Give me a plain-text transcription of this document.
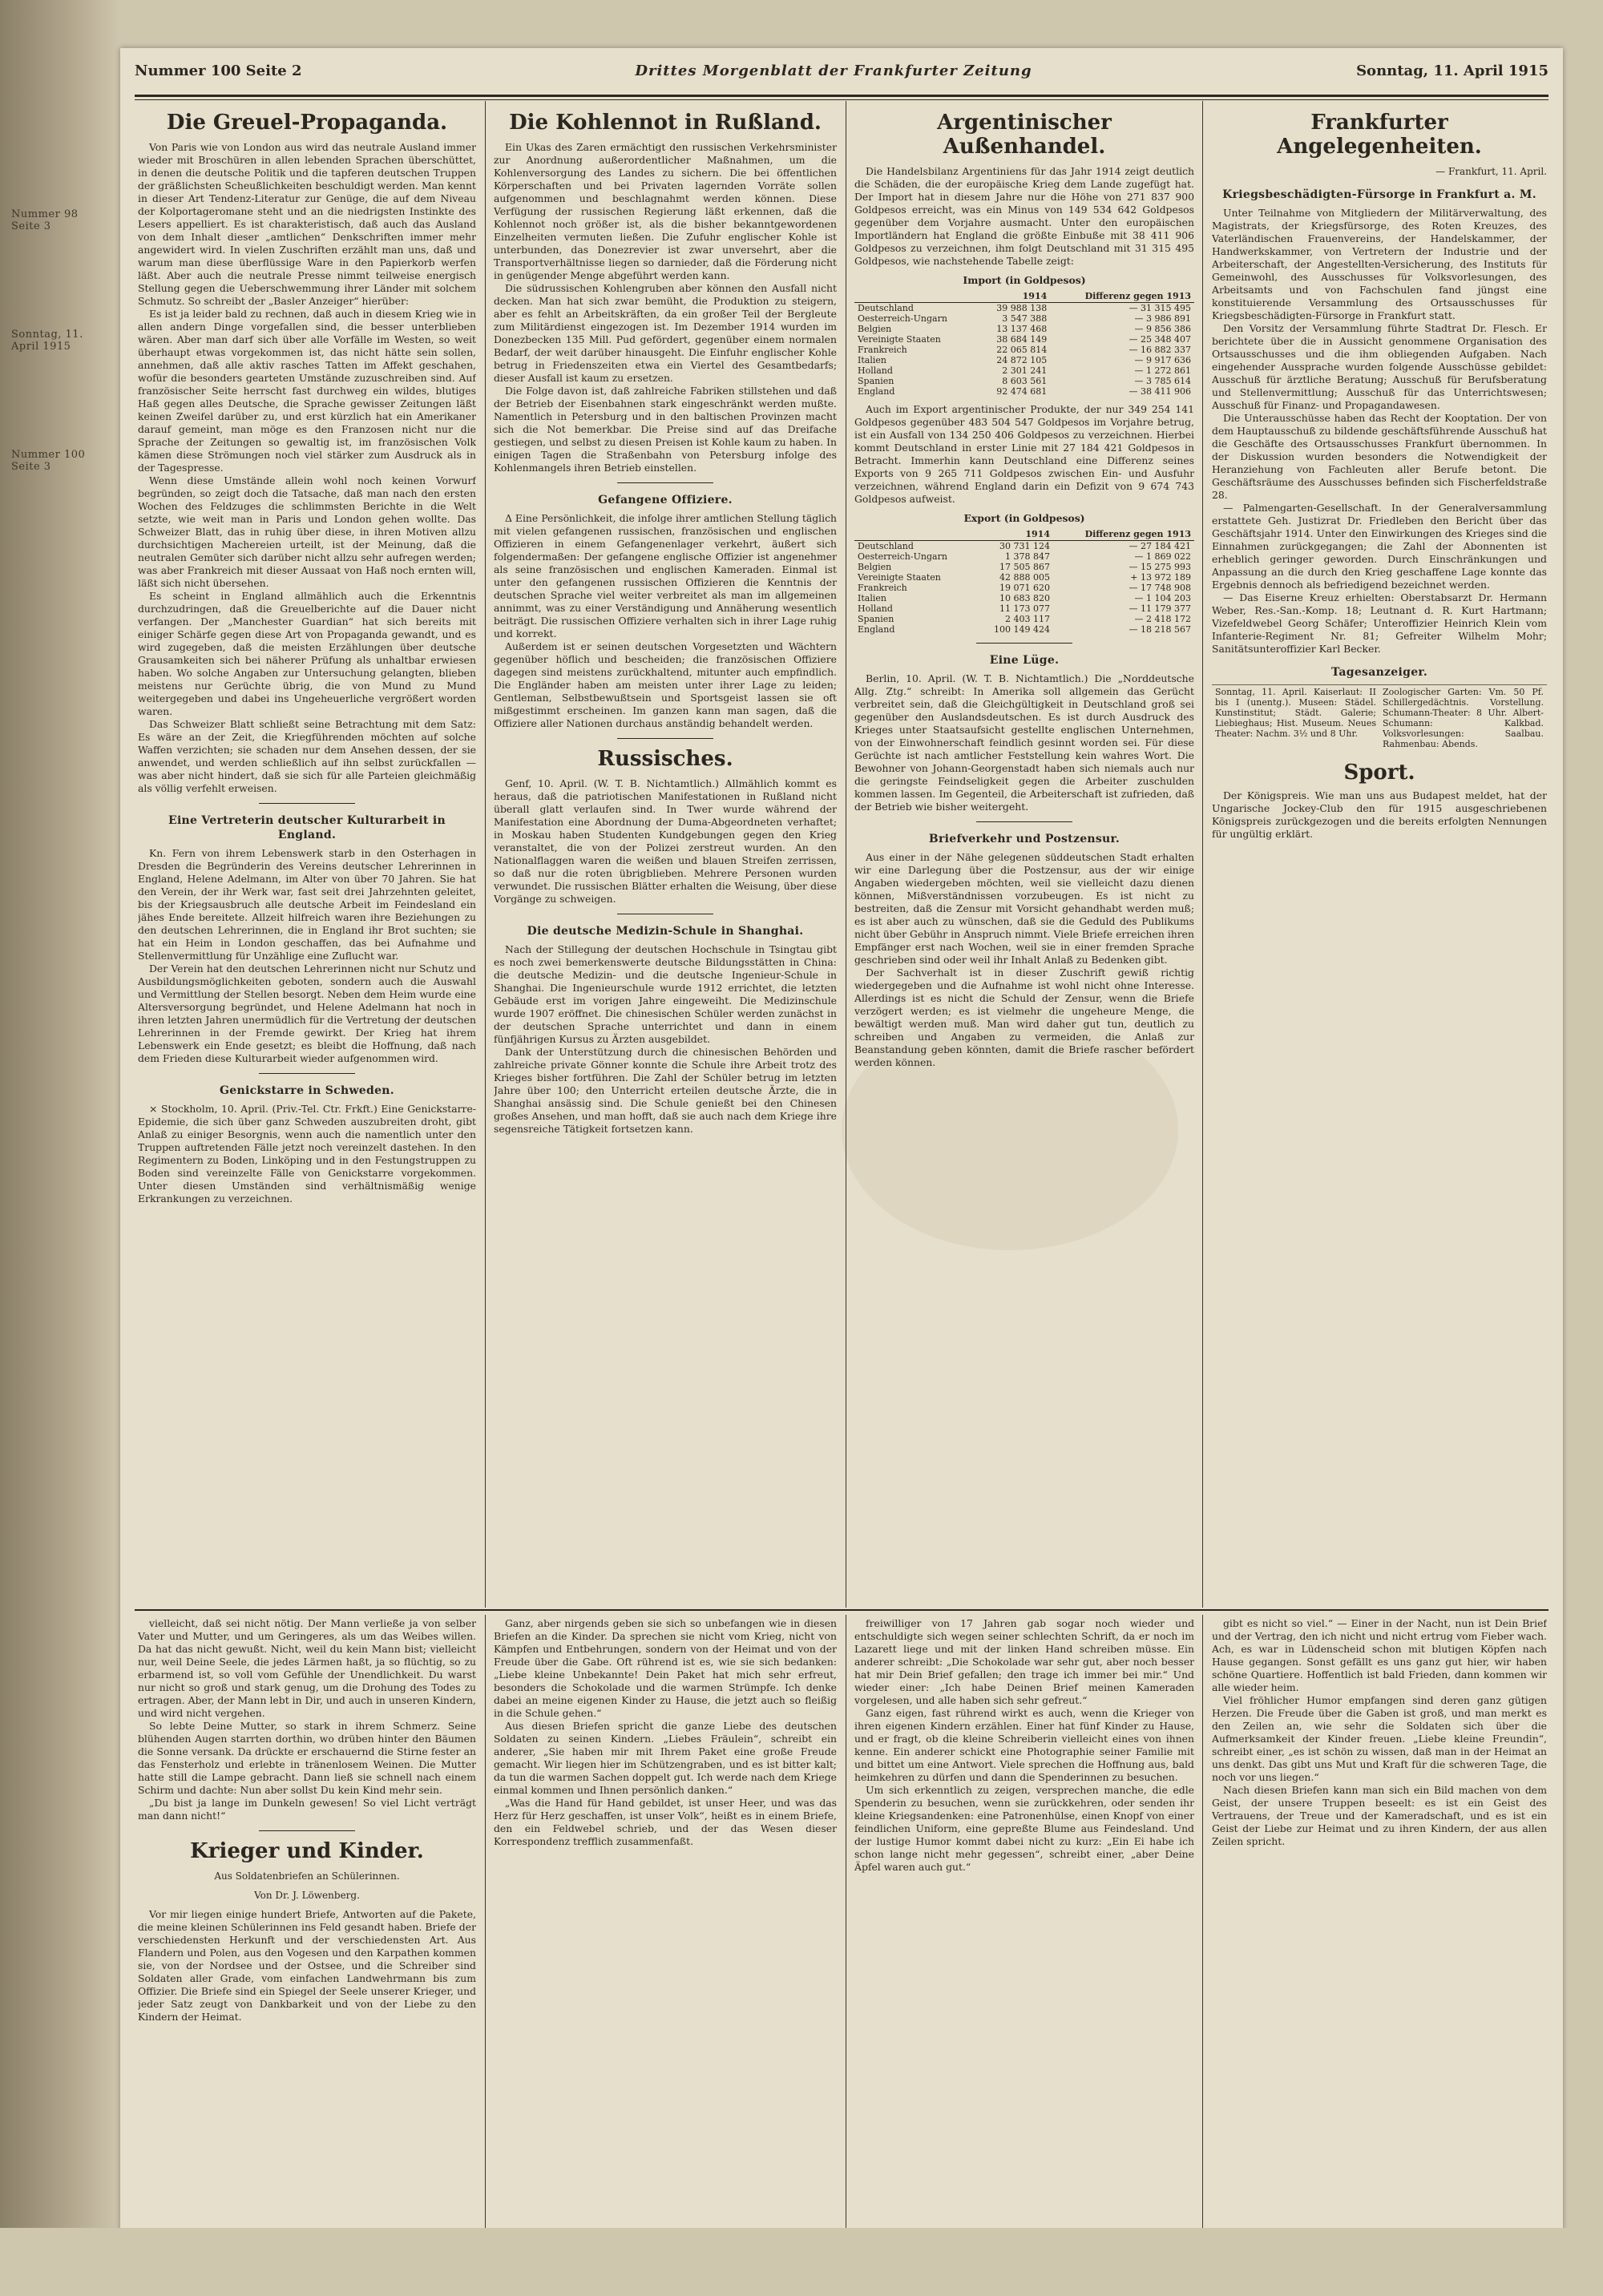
Nummer 98 Seite 3
Sonntag, 11. April 1915
Nummer 100 Seite 3
Nummer 100 Seite 2	Drittes Morgenblatt der Frankfurter Zeitung	Sonntag, 11. April 1915
Die Greuel-Propaganda.

Von Paris wie von London aus wird das neutrale Ausland immer wieder mit Broschüren in allen lebenden Sprachen überschüttet, in denen die deutsche Politik und die tapferen deutschen Truppen der gräßlichsten Scheußlichkeiten beschuldigt werden. Man kennt in dieser Art Tendenz-Literatur zur Genüge, die auf dem Niveau der Kolportageromane steht und an die niedrigsten Instinkte des Lesers appelliert. Es ist charakteristisch, daß auch das Ausland von dem Inhalt dieser „amtlichen“ Denkschriften immer mehr angewidert wird. In vielen Zuschriften erzählt man uns, daß und warum man diese überflüssige Ware in den Papierkorb werfen läßt. Aber auch die neutrale Presse nimmt teilweise energisch Stellung gegen die Ueberschwemmung ihrer Länder mit solchem Schmutz. So schreibt der „Basler Anzeiger“ hierüber:

Es ist ja leider bald zu rechnen, daß auch in diesem Krieg wie in allen andern Dinge vorgefallen sind, die besser unterblieben wären. Aber man darf sich über alle Vorfälle im Westen, so weit überhaupt etwas vorgekommen ist, das nicht hätte sein sollen, annehmen, daß alle aktiv rasches Tatten im Affekt geschahen, wofür die besonders gearteten Umstände zuzuschreiben sind. Auf französischer Seite herrscht fast durchweg ein wildes, blutiges Haß gegen alles Deutsche, die Sprache gewisser Zeitungen läßt keinen Zweifel darüber zu, und erst kürzlich hat ein Amerikaner darauf gemeint, man möge es den Franzosen nicht nur die Sprache der Zeitungen so gewaltig ist, im französischen Volk kämen diese Strömungen noch viel stärker zum Ausdruck als in der Tagespresse.

Wenn diese Umstände allein wohl noch keinen Vorwurf begründen, so zeigt doch die Tatsache, daß man nach den ersten Wochen des Feldzuges die schlimmsten Berichte in die Welt setzte, wie weit man in Paris und London gehen wollte. Das Schweizer Blatt, das in ruhig über diese, in ihren Motiven allzu durchsichtigen Machereien urteilt, ist der Meinung, daß die neutralen Gemüter sich darüber nicht allzu sehr aufregen werden; was aber Frankreich mit dieser Aussaat von Haß noch ernten will, läßt sich nicht übersehen.

Es scheint in England allmählich auch die Erkenntnis durchzudringen, daß die Greuelberichte auf die Dauer nicht verfangen. Der „Manchester Guardian“ hat sich bereits mit einiger Schärfe gegen diese Art von Propaganda gewandt, und es wird zugegeben, daß die meisten Erzählungen über deutsche Grausamkeiten sich bei näherer Prüfung als unhaltbar erwiesen haben. Wo solche Angaben zur Untersuchung gelangten, blieben meistens nur Gerüchte übrig, die von Mund zu Mund weitergegeben und dabei ins Ungeheuerliche vergrößert worden waren.

Das Schweizer Blatt schließt seine Betrachtung mit dem Satz: Es wäre an der Zeit, die Kriegführenden möchten auf solche Waffen verzichten; sie schaden nur dem Ansehen dessen, der sie anwendet, und werden schließlich auf ihn selbst zurückfallen — was aber nicht hindert, daß sie sich für alle Parteien gleichmäßig als völlig verfehlt erweisen.

Eine Vertreterin deutscher Kulturarbeit in England.

Kn. Fern von ihrem Lebenswerk starb in den Osterhagen in Dresden die Begründerin des Vereins deutscher Lehrerinnen in England, Helene Adelmann, im Alter von über 70 Jahren. Sie hat den Verein, der ihr Werk war, fast seit drei Jahrzehnten geleitet, bis der Kriegsausbruch alle deutsche Arbeit im Feindesland ein jähes Ende bereitete. Allzeit hilfreich waren ihre Beziehungen zu den deutschen Lehrerinnen, die in England ihr Brot suchten; sie hat ein Heim in London geschaffen, das bei Aufnahme und Stellenvermittlung für Unzählige eine Zuflucht war.

Der Verein hat den deutschen Lehrerinnen nicht nur Schutz und Ausbildungsmöglichkeiten geboten, sondern auch die Auswahl und Vermittlung der Stellen besorgt. Neben dem Heim wurde eine Altersversorgung begründet, und Helene Adelmann hat noch in ihren letzten Jahren unermüdlich für die Vertretung der deutschen Lehrerinnen in der Fremde gewirkt. Der Krieg hat ihrem Lebenswerk ein Ende gesetzt; es bleibt die Hoffnung, daß nach dem Frieden diese Kulturarbeit wieder aufgenommen wird.

Genickstarre in Schweden.

× Stockholm, 10. April. (Priv.-Tel. Ctr. Frkft.) Eine Genickstarre-Epidemie, die sich über ganz Schweden auszubreiten droht, gibt Anlaß zu einiger Besorgnis, wenn auch die namentlich unter den Truppen auftretenden Fälle jetzt noch vereinzelt dastehen. In den Regimentern zu Boden, Linköping und in den Festungstruppen zu Boden sind vereinzelte Fälle von Genickstarre vorgekommen. Unter diesen Umständen sind verhältnismäßig wenige Erkrankungen zu verzeichnen.

Die Kohlennot in Rußland.

Ein Ukas des Zaren ermächtigt den russischen Verkehrsminister zur Anordnung außerordentlicher Maßnahmen, um die Kohlenversorgung des Landes zu sichern. Die bei öffentlichen Körperschaften und bei Privaten lagernden Vorräte sollen aufgenommen und beschlagnahmt werden können. Diese Verfügung der russischen Regierung läßt erkennen, daß die Kohlennot noch größer ist, als die bisher bekanntgewordenen Einzelheiten vermuten ließen. Die Zufuhr englischer Kohle ist unterbunden, das Donezrevier ist zwar unversehrt, aber die Transportverhältnisse liegen so darnieder, daß die Förderung nicht in genügender Menge abgeführt werden kann.

Die südrussischen Kohlengruben aber können den Ausfall nicht decken. Man hat sich zwar bemüht, die Produktion zu steigern, aber es fehlt an Arbeitskräften, da ein großer Teil der Bergleute zum Militärdienst eingezogen ist. Im Dezember 1914 wurden im Donezbecken 135 Mill. Pud gefördert, gegenüber einem normalen Bedarf, der weit darüber hinausgeht. Die Einfuhr englischer Kohle betrug in Friedenszeiten etwa ein Viertel des Gesamtbedarfs; dieser Ausfall ist kaum zu ersetzen.

Die Folge davon ist, daß zahlreiche Fabriken stillstehen und daß der Betrieb der Eisenbahnen stark eingeschränkt werden mußte. Namentlich in Petersburg und in den baltischen Provinzen macht sich die Not bemerkbar. Die Preise sind auf das Dreifache gestiegen, und selbst zu diesen Preisen ist Kohle kaum zu haben. In einigen Tagen die Straßenbahn von Petersburg infolge des Kohlenmangels ihren Betrieb einstellen.

Gefangene Offiziere.

Δ Eine Persönlichkeit, die infolge ihrer amtlichen Stellung täglich mit vielen gefangenen russischen, französischen und englischen Offizieren in einem Gefangenenlager verkehrt, äußert sich folgendermaßen: Der gefangene englische Offizier ist angenehmer als seine französischen und englischen Kameraden. Einmal ist unter den gefangenen russischen Offizieren die Kenntnis der deutschen Sprache viel weiter verbreitet als man im allgemeinen annimmt, was zu einer Verständigung und Annäherung wesentlich beiträgt. Die russischen Offiziere verhalten sich in ihrer Lage ruhig und korrekt.

Außerdem ist er seinen deutschen Vorgesetzten und Wächtern gegenüber höflich und bescheiden; die französischen Offiziere dagegen sind meistens zurückhaltend, mitunter auch empfindlich. Die Engländer haben am meisten unter ihrer Lage zu leiden; Gentleman, Selbstbewußtsein und Sportsgeist lassen sie oft mißgestimmt erscheinen. Im ganzen kann man sagen, daß die Offiziere aller Nationen durchaus anständig behandelt werden.

Russisches.

Genf, 10. April. (W. T. B. Nichtamtlich.) Allmählich kommt es heraus, daß die patriotischen Manifestationen in Rußland nicht überall glatt verlaufen sind. In Twer wurde während der Manifestation eine Abordnung der Duma-Abgeordneten verhaftet; in Moskau haben Studenten Kundgebungen gegen den Krieg veranstaltet, die von der Polizei zerstreut wurden. An den Nationalflaggen waren die weißen und blauen Streifen zerrissen, so daß nur die roten übrigblieben. Mehrere Personen wurden verwundet. Die russischen Blätter erhalten die Weisung, über diese Vorgänge zu schweigen.

Die deutsche Medizin-Schule in Shanghai.

Nach der Stillegung der deutschen Hochschule in Tsingtau gibt es noch zwei bemerkenswerte deutsche Bildungsstätten in China: die deutsche Medizin- und die deutsche Ingenieur-Schule in Shanghai. Die Ingenieurschule wurde 1912 errichtet, die letzten Gebäude erst im vorigen Jahre eingeweiht. Die Medizinschule wurde 1907 eröffnet. Die chinesischen Schüler werden zunächst in der deutschen Sprache unterrichtet und dann in einem fünfjährigen Kursus zu Ärzten ausgebildet.

Dank der Unterstützung durch die chinesischen Behörden und zahlreiche private Gönner konnte die Schule ihre Arbeit trotz des Krieges bisher fortführen. Die Zahl der Schüler betrug im letzten Jahre über 100; den Unterricht erteilen deutsche Ärzte, die in Shanghai ansässig sind. Die Schule genießt bei den Chinesen großes Ansehen, und man hofft, daß sie auch nach dem Kriege ihre segensreiche Tätigkeit fortsetzen kann.

Argentinischer Außenhandel.

Die Handelsbilanz Argentiniens für das Jahr 1914 zeigt deutlich die Schäden, die der europäische Krieg dem Lande zugefügt hat. Der Import hat in diesem Jahre nur die Höhe von 271 837 900 Goldpesos erreicht, was ein Minus von 149 534 642 Goldpesos gegenüber dem Vorjahre ausmacht. Unter den europäischen Importländern hat England die größte Einbuße mit 38 411 906 Goldpesos zu verzeichnen, ihm folgt Deutschland mit 31 315 495 Goldpesos, wie nachstehende Tabelle zeigt:

Import (in Goldpesos)
	1914	Differenz gegen 1913
Deutschland	39 988 138	— 31 315 495
Oesterreich-Ungarn	3 547 388	— 3 986 891
Belgien	13 137 468	— 9 856 386
Vereinigte Staaten	38 684 149	— 25 348 407
Frankreich	22 065 814	— 16 882 337
Italien	24 872 105	— 9 917 636
Holland	2 301 241	— 1 272 861
Spanien	8 603 561	— 3 785 614
England	92 474 681	— 38 411 906

Auch im Export argentinischer Produkte, der nur 349 254 141 Goldpesos gegenüber 483 504 547 Goldpesos im Vorjahre betrug, ist ein Ausfall von 134 250 406 Goldpesos zu verzeichnen. Hierbei kommt Deutschland in erster Linie mit 27 184 421 Goldpesos in Betracht. Immerhin kann Deutschland eine Differenz seines Exports von 9 265 711 Goldpesos zwischen Ein- und Ausfuhr verzeichnen, während England darin ein Defizit von 9 674 743 Goldpesos aufweist.

Export (in Goldpesos)
	1914	Differenz gegen 1913
Deutschland	30 731 124	— 27 184 421
Oesterreich-Ungarn	1 378 847	— 1 869 022
Belgien	17 505 867	— 15 275 993
Vereinigte Staaten	42 888 005	+ 13 972 189
Frankreich	19 071 620	— 17 748 908
Italien	10 683 820	— 1 104 203
Holland	11 173 077	— 11 179 377
Spanien	2 403 117	— 2 418 172
England	100 149 424	— 18 218 567
Eine Lüge.

Berlin, 10. April. (W. T. B. Nichtamtlich.) Die „Norddeutsche Allg. Ztg.“ schreibt: In Amerika soll allgemein das Gerücht verbreitet sein, daß die Gleichgültigkeit in Deutschland groß sei gegenüber den Auslandsdeutschen. Es ist durch Ausdruck des Krieges unter Staatsaufsicht gestellte englischen Unternehmen, von der Einwohnerschaft feindlich gesinnt worden sei. Für diese Gerüchte ist nach amtlicher Feststellung kein wahres Wort. Die Bewohner von Johann-Georgenstadt haben sich niemals auch nur die geringste Feindseligkeit gegen die Arbeiter zuschulden kommen lassen. Im Gegenteil, die Arbeiterschaft ist zufrieden, daß der Betrieb wie bisher weitergeht.

Briefverkehr und Postzensur.

Aus einer in der Nähe gelegenen süddeutschen Stadt erhalten wir eine Darlegung über die Postzensur, aus der wir einige Angaben wiedergeben möchten, weil sie vielleicht dazu dienen können, Mißverständnissen vorzubeugen. Es ist nicht zu bestreiten, daß die Zensur mit Vorsicht gehandhabt werden muß; es ist aber auch zu wünschen, daß sie die Geduld des Publikums nicht über Gebühr in Anspruch nimmt. Viele Briefe erreichen ihren Empfänger erst nach Wochen, weil sie in einer fremden Sprache geschrieben sind oder weil ihr Inhalt Anlaß zu Bedenken gibt.

Der Sachverhalt ist in dieser Zuschrift gewiß richtig wiedergegeben und die Aufnahme ist wohl nicht ohne Interesse. Allerdings ist es nicht die Schuld der Zensur, wenn die Briefe verzögert werden; es ist vielmehr die ungeheure Menge, die bewältigt werden muß. Man wird daher gut tun, deutlich zu schreiben und Angaben zu vermeiden, die Anlaß zur Beanstandung geben könnten, damit die Briefe rascher befördert werden können.

Frankfurter Angelegenheiten.
— Frankfurt, 11. April.
Kriegsbeschädigten-Fürsorge in Frankfurt a. M.

Unter Teilnahme von Mitgliedern der Militärverwaltung, des Magistrats, der Kriegsfürsorge, des Roten Kreuzes, des Vaterländischen Frauenvereins, der Handelskammer, der Handwerkskammer, von Vertretern der Industrie und der Arbeiterschaft, der Angestellten-Versicherung, des Instituts für Gemeinwohl, des Ausschusses für Volksvorlesungen, des Arbeitsamts und von Fachschulen fand jüngst eine konstituierende Versammlung des Ortsausschusses für Kriegsbeschädigten-Fürsorge in Frankfurt statt.

Den Vorsitz der Versammlung führte Stadtrat Dr. Flesch. Er berichtete über die in Aussicht genommene Organisation des Ortsausschusses und die ihm obliegenden Aufgaben. Nach eingehender Aussprache wurden folgende Ausschüsse gebildet: Ausschuß für ärztliche Beratung; Ausschuß für Berufsberatung und Stellenvermittlung; Ausschuß für das Unterrichtswesen; Ausschuß für Finanz- und Propagandawesen.

Die Unterausschüsse haben das Recht der Kooptation. Der von dem Hauptausschuß zu bildende geschäftsführende Ausschuß hat die Geschäfte des Ortsausschusses Frankfurt übernommen. In der Diskussion wurden besonders die Notwendigkeit der Heranziehung von Fachleuten aller Berufe betont. Die Geschäftsräume des Ausschusses befinden sich Fischerfeldstraße 28.

— Palmengarten-Gesellschaft. In der Generalversammlung erstattete Geh. Justizrat Dr. Friedleben den Bericht über das Geschäftsjahr 1914. Unter den Einwirkungen des Krieges sind die Einnahmen zurückgegangen; die Zahl der Abonnenten ist erheblich geringer geworden. Durch Einschränkungen und Anpassung an die durch den Krieg geschaffene Lage konnte das Ergebnis dennoch als befriedigend bezeichnet werden.

— Das Eiserne Kreuz erhielten: Oberstabsarzt Dr. Hermann Weber, Res.-San.-Komp. 18; Leutnant d. R. Kurt Hartmann; Vizefeldwebel Georg Schäfer; Unteroffizier Heinrich Klein vom Infanterie-Regiment Nr. 81; Gefreiter Wilhelm Mohr; Sanitätsunteroffizier Karl Becker.

Tagesanzeiger.
Sonntag, 11. April. Kaiserlaut: II bis I (unentg.). Museen: Städel. Kunstinstitut; Städt. Galerie; Liebieghaus; Hist. Museum. Neues Theater: Nachm. 3½ und 8 Uhr.	Zoologischer Garten: Vm. 50 Pf. Schillergedächtnis. Vorstellung. Schumann-Theater: 8 Uhr. Albert-Schumann: Kalkbad. Volksvorlesungen: Saalbau. Rahmenbau: Abends.
Sport.

Der Königspreis. Wie man uns aus Budapest meldet, hat der Ungarische Jockey-Club den für 1915 ausgeschriebenen Königspreis zurückgezogen und die bereits erfolgten Nennungen für ungültig erklärt.

vielleicht, daß sei nicht nötig. Der Mann verließe ja von selber Vater und Mutter, und um Geringeres, als um das Weibes willen. Da hat das nicht gewußt. Nicht, weil du kein Mann bist; vielleicht nur, weil Deine Seele, die jedes Lärmen haßt, ja so flüchtig, so zu erbarmend ist, so voll vom Gefühle der Unendlichkeit. Du warst nur nicht so groß und stark genug, um die Drohung des Todes zu ertragen. Aber, der Mann lebt in Dir, und auch in unseren Kindern, und wird nicht vergehen.

So lebte Deine Mutter, so stark in ihrem Schmerz. Seine blühenden Augen starrten dorthin, wo drüben hinter den Bäumen die Sonne versank. Da drückte er erschauernd die Stirne fester an das Fensterholz und erlebte in tränenlosem Weinen. Die Mutter hatte still die Lampe gebracht. Dann ließ sie schnell nach einem Schirm und dachte: Nun aber sollst Du kein Kind mehr sein.

„Du bist ja lange im Dunkeln gewesen! So viel Licht verträgt man dann nicht!“

Krieger und Kinder.
Aus Soldatenbriefen an Schülerinnen.
Von Dr. J. Löwenberg.

Vor mir liegen einige hundert Briefe, Antworten auf die Pakete, die meine kleinen Schülerinnen ins Feld gesandt haben. Briefe der verschiedensten Herkunft und der verschiedensten Art. Aus Flandern und Polen, aus den Vogesen und den Karpathen kommen sie, von der Nordsee und der Ostsee, und die Schreiber sind Soldaten aller Grade, vom einfachen Landwehrmann bis zum Offizier. Die Briefe sind ein Spiegel der Seele unserer Krieger, und jeder Satz zeugt von Dankbarkeit und von der Liebe zu den Kindern der Heimat.

Ganz, aber nirgends geben sie sich so unbefangen wie in diesen Briefen an die Kinder. Da sprechen sie nicht vom Krieg, nicht von Kämpfen und Entbehrungen, sondern von der Heimat und von der Freude über die Gabe. Oft rührend ist es, wie sie sich bedanken: „Liebe kleine Unbekannte! Dein Paket hat mich sehr erfreut, besonders die Schokolade und die warmen Strümpfe. Ich denke dabei an meine eigenen Kinder zu Hause, die jetzt auch so fleißig in die Schule gehen.“

Aus diesen Briefen spricht die ganze Liebe des deutschen Soldaten zu seinen Kindern. „Liebes Fräulein“, schreibt ein anderer, „Sie haben mir mit Ihrem Paket eine große Freude gemacht. Wir liegen hier im Schützengraben, und es ist bitter kalt; da tun die warmen Sachen doppelt gut. Ich werde nach dem Kriege einmal kommen und Ihnen persönlich danken.“

„Was die Hand für Hand gebildet, ist unser Heer, und was das Herz für Herz geschaffen, ist unser Volk“, heißt es in einem Briefe, den ein Feldwebel schrieb, und der das Wesen dieser Korrespondenz trefflich zusammenfaßt.

freiwilliger von 17 Jahren gab sogar noch wieder und entschuldigte sich wegen seiner schlechten Schrift, da er noch im Lazarett liege und mit der linken Hand schreiben müsse. Ein anderer schreibt: „Die Schokolade war sehr gut, aber noch besser hat mir Dein Brief gefallen; den trage ich immer bei mir.“ Und wieder einer: „Ich habe Deinen Brief meinen Kameraden vorgelesen, und alle haben sich sehr gefreut.“

Ganz eigen, fast rührend wirkt es auch, wenn die Krieger von ihren eigenen Kindern erzählen. Einer hat fünf Kinder zu Hause, und er fragt, ob die kleine Schreiberin vielleicht eines von ihnen kenne. Ein anderer schickt eine Photographie seiner Familie mit und bittet um eine Antwort. Viele sprechen die Hoffnung aus, bald heimkehren zu dürfen und dann die Spenderinnen zu besuchen.

Um sich erkenntlich zu zeigen, versprechen manche, die edle Spenderin zu besuchen, wenn sie zurückkehren, oder senden ihr kleine Kriegsandenken: eine Patronenhülse, einen Knopf von einer feindlichen Uniform, eine gepreßte Blume aus Feindesland. Und der lustige Humor kommt dabei nicht zu kurz: „Ein Ei habe ich schon lange nicht mehr gegessen“, schreibt einer, „aber Deine Äpfel waren auch gut.“

gibt es nicht so viel.“ — Einer in der Nacht, nun ist Dein Brief und der Vertrag, den ich nicht und nicht ertrug vom Fieber wach. Ach, es war in Lüdenscheid schon mit blutigen Köpfen nach Hause gegangen. Sonst gefällt es uns ganz gut hier, wir haben schöne Quartiere. Hoffentlich ist bald Frieden, dann kommen wir alle wieder heim.

Viel fröhlicher Humor empfangen sind deren ganz gütigen Herzen. Die Freude über die Gaben ist groß, und man merkt es den Zeilen an, wie sehr die Soldaten sich über die Aufmerksamkeit der Kinder freuen. „Liebe kleine Freundin“, schreibt einer, „es ist schön zu wissen, daß man in der Heimat an uns denkt. Das gibt uns Mut und Kraft für die schweren Tage, die noch vor uns liegen.“

Nach diesen Briefen kann man sich ein Bild machen von dem Geist, der unsere Truppen beseelt: es ist ein Geist des Vertrauens, der Treue und der Kameradschaft, und es ist ein Geist der Liebe zur Heimat und zu ihren Kindern, der aus allen Zeilen spricht.
